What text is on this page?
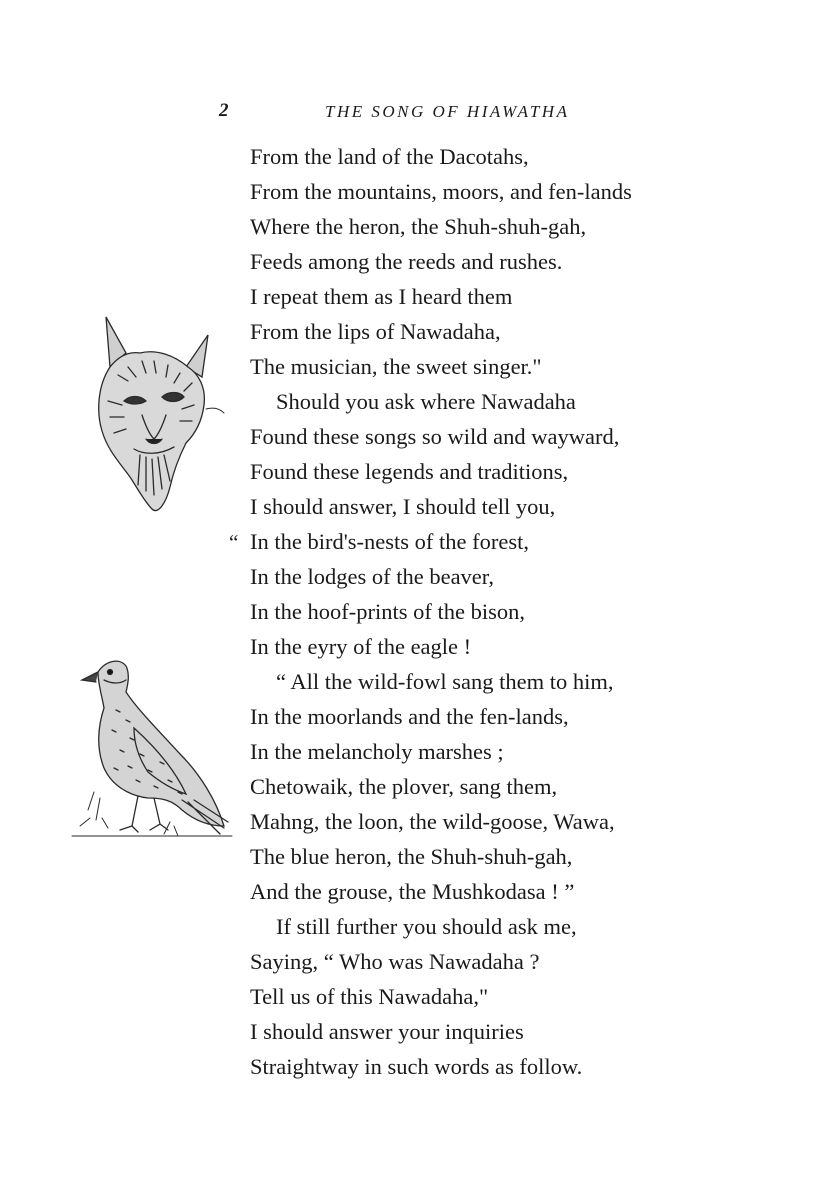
2	THE SONG OF HIAWATHA
From the land of the Dacotahs,
From the mountains, moors, and fen-lands
Where the heron, the Shuh-shuh-gah,
Feeds among the reeds and rushes.
I repeat them as I heard them
From the lips of Nawadaha,
The musician, the sweet singer."
Should you ask where Nawadaha
Found these songs so wild and wayward,
Found these legends and traditions,
I should answer, I should tell you,
“ In the bird's-nests of the forest,
In the lodges of the beaver,
In the hoof-prints of the bison,
In the eyry of the eagle !
“ All the wild-fowl sang them to him,
In the moorlands and the fen-lands,
In the melancholy marshes ;
Chetowaik, the plover, sang them,
Mahng, the loon, the wild-goose, Wawa,
The blue heron, the Shuh-shuh-gah,
And the grouse, the Mushkodasa ! ”
If still further you should ask me,
Saying, “ Who was Nawadaha ?
Tell us of this Nawadaha,"
I should answer your inquiries
Straightway in such words as follow.
